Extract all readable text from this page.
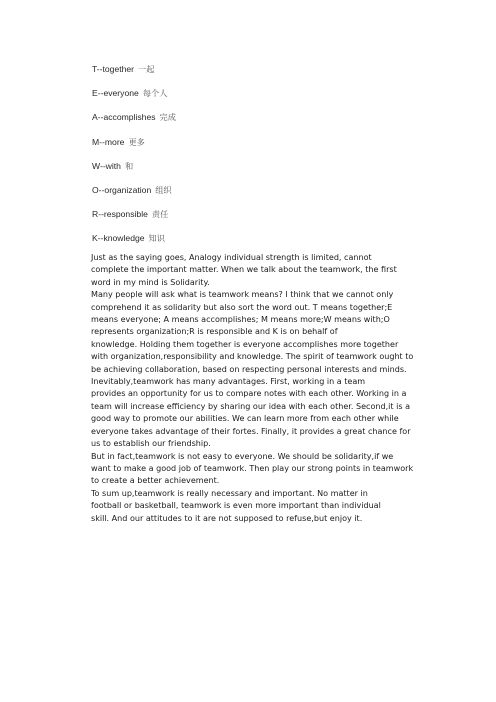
T--together 一起
E--everyone 每个人
A--accomplishes 完成
M--more 更多
W--with 和
O--organization 组织
R--responsible 责任
K--knowledge 知识

Just as the saying goes, Analogy individual strength is limited, cannot
complete the important matter. When we talk about the teamwork, the first
word in my mind is Solidarity.

Many people will ask what is teamwork means? I think that we cannot only
comprehend it as solidarity but also sort the word out. T means together;E
means everyone; A means accomplishes; M means more;W means with;O
represents organization;R is responsible and K is on behalf of
knowledge. Holding them together is everyone accomplishes more together
with organization,responsibility and knowledge. The spirit of teamwork ought to
be achieving collaboration, based on respecting personal interests and minds.

Inevitably,teamwork has many advantages. First, working in a team
provides an opportunity for us to compare notes with each other. Working in a
team will increase efficiency by sharing our idea with each other. Second,it is a
good way to promote our abilities. We can learn more from each other while
everyone takes advantage of their fortes. Finally, it provides a great chance for
us to establish our friendship.

But in fact,teamwork is not easy to everyone. We should be solidarity,if we
want to make a good job of teamwork. Then play our strong points in teamwork
to create a better achievement.

To sum up,teamwork is really necessary and important. No matter in
football or basketball, teamwork is even more important than individual
skill. And our attitudes to it are not supposed to refuse,but enjoy it.
